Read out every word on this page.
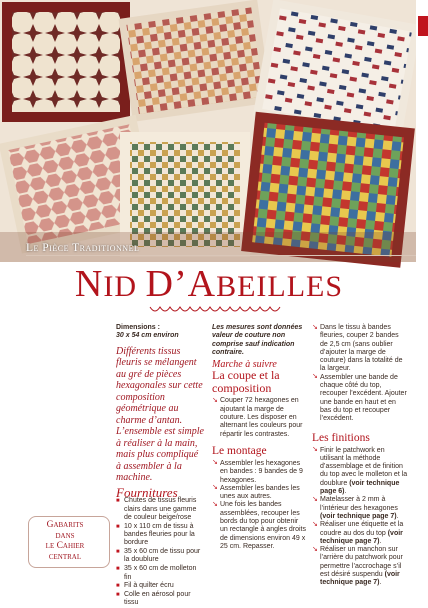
Le Pièce Traditionnel
NID D’ABEILLES
Dimensions :
30 x 54 cm environ
Différents tissus fleuris se mélangent au gré de pièces hexagonales sur cette composition géométrique au charme d’antan. L’ensemble est simple à réaliser à la main, mais plus compliqué à assembler à la machine.
Fournitures
■ Chutes de tissus fleuris clairs dans une gamme de couleur beige/rose
■ 10 x 110 cm de tissu à bandes fleuries pour la bordure
■ 35 x 60 cm de tissu pour la doublure
■ 35 x 60 cm de molleton fin
■ Fil à quilter écru
■ Colle en aérosol pour tissu
Les mesures sont données valeur de couture non comprise sauf indication contraire.
Marche à suivre
La coupe et la composition
↘ Couper 72 hexagones en ajoutant la marge de couture. Les disposer en alternant les couleurs pour répartir les contrastes.
Le montage
↘ Assembler les hexagones en bandes : 9 bandes de 9 hexagones.
↘ Assembler les bandes les unes aux autres.
↘ Une fois les bandes assemblées, recouper les bords du top pour obtenir un rectangle à angles droits de dimensions environ 49 x 25 cm. Repasser.
↘ Dans le tissu à bandes fleuries, couper 2 bandes de 2,5 cm (sans oublier d’ajouter la marge de couture) dans la totalité de la largeur.
↘ Assembler une bande de chaque côté du top, recouper l’excédent. Ajouter une bande en haut et en bas du top et recouper l’excédent.
Les finitions
↘ Finir le patchwork en utilisant la méthode d’assemblage et de finition du top avec le molleton et la doublure (voir technique page 6).
↘ Matelasser à 2 mm à l’intérieur des hexagones (voir technique page 7).
↘ Réaliser une étiquette et la coudre au dos du top (voir technique page 7).
↘ Réaliser un manchon sur l’arrière du patchwork pour permettre l’accrochage s’il est désiré suspendu (voir technique page 7).
Gabarits
dans
le Cahier
central
